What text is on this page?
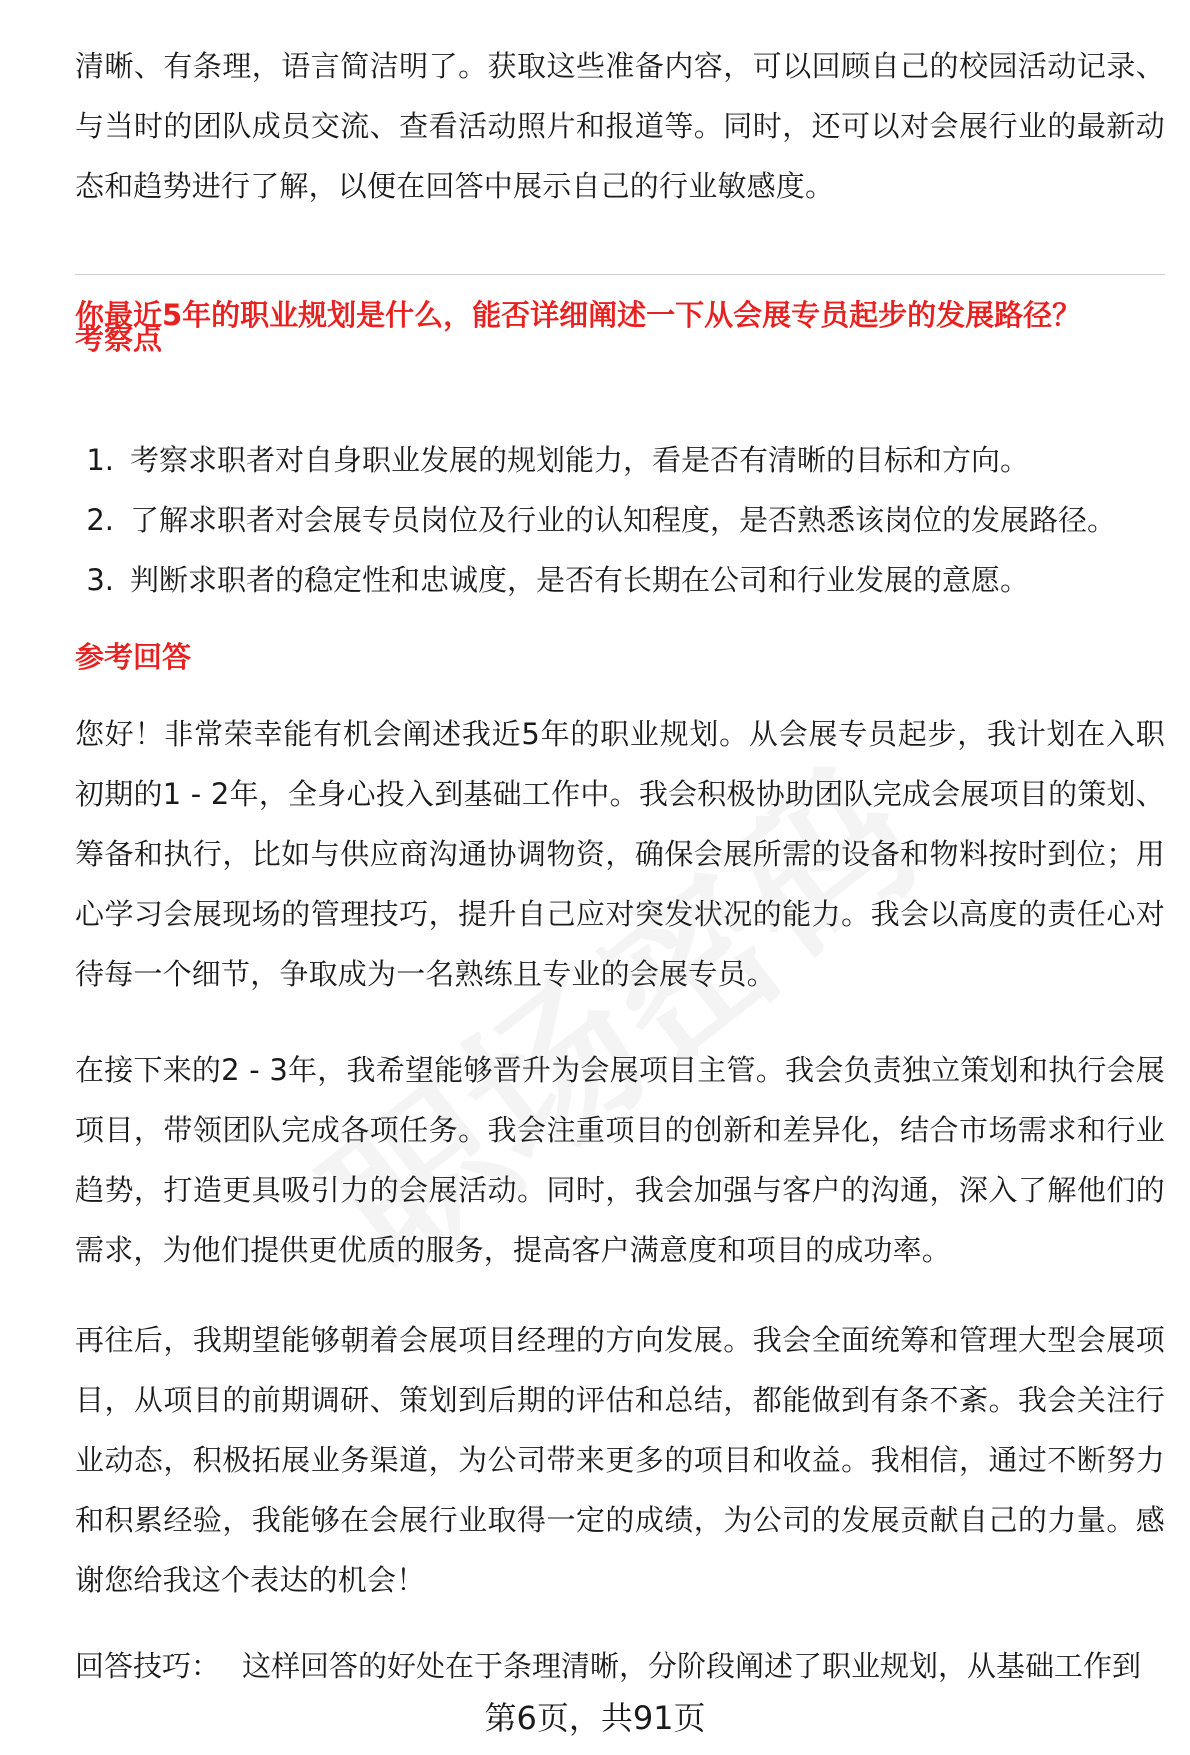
清晰、有条理，语言简洁明了。获取这些准备内容，可以回顾自己的校园活动记录、与当时的团队成员交流、查看活动照片和报道等。同时，还可以对会展行业的最新动态和趋势进行了解，以便在回答中展示自己的行业敏感度。

你最近5年的职业规划是什么，能否详细阐述一下从会展专员起步的发展路径？

考察点

1. 考察求职者对自身职业发展的规划能力，看是否有清晰的目标和方向。
2. 了解求职者对会展专员岗位及行业的认知程度，是否熟悉该岗位的发展路径。
3. 判断求职者的稳定性和忠诚度，是否有长期在公司和行业发展的意愿。

参考回答

您好！非常荣幸能有机会阐述我近5年的职业规划。从会展专员起步，我计划在入职初期的1 - 2年，全身心投入到基础工作中。我会积极协助团队完成会展项目的策划、筹备和执行，比如与供应商沟通协调物资，确保会展所需的设备和物料按时到位；用心学习会展现场的管理技巧，提升自己应对突发状况的能力。我会以高度的责任心对待每一个细节，争取成为一名熟练且专业的会展专员。

在接下来的2 - 3年，我希望能够晋升为会展项目主管。我会负责独立策划和执行会展项目，带领团队完成各项任务。我会注重项目的创新和差异化，结合市场需求和行业趋势，打造更具吸引力的会展活动。同时，我会加强与客户的沟通，深入了解他们的需求，为他们提供更优质的服务，提高客户满意度和项目的成功率。

再往后，我期望能够朝着会展项目经理的方向发展。我会全面统筹和管理大型会展项目，从项目的前期调研、策划到后期的评估和总结，都能做到有条不紊。我会关注行业动态，积极拓展业务渠道，为公司带来更多的项目和收益。我相信，通过不断努力和积累经验，我能够在会展行业取得一定的成绩，为公司的发展贡献自己的力量。感谢您给我这个表达的机会！

回答技巧： 这样回答的好处在于条理清晰，分阶段阐述了职业规划，从基础工作到

第6页，共91页
